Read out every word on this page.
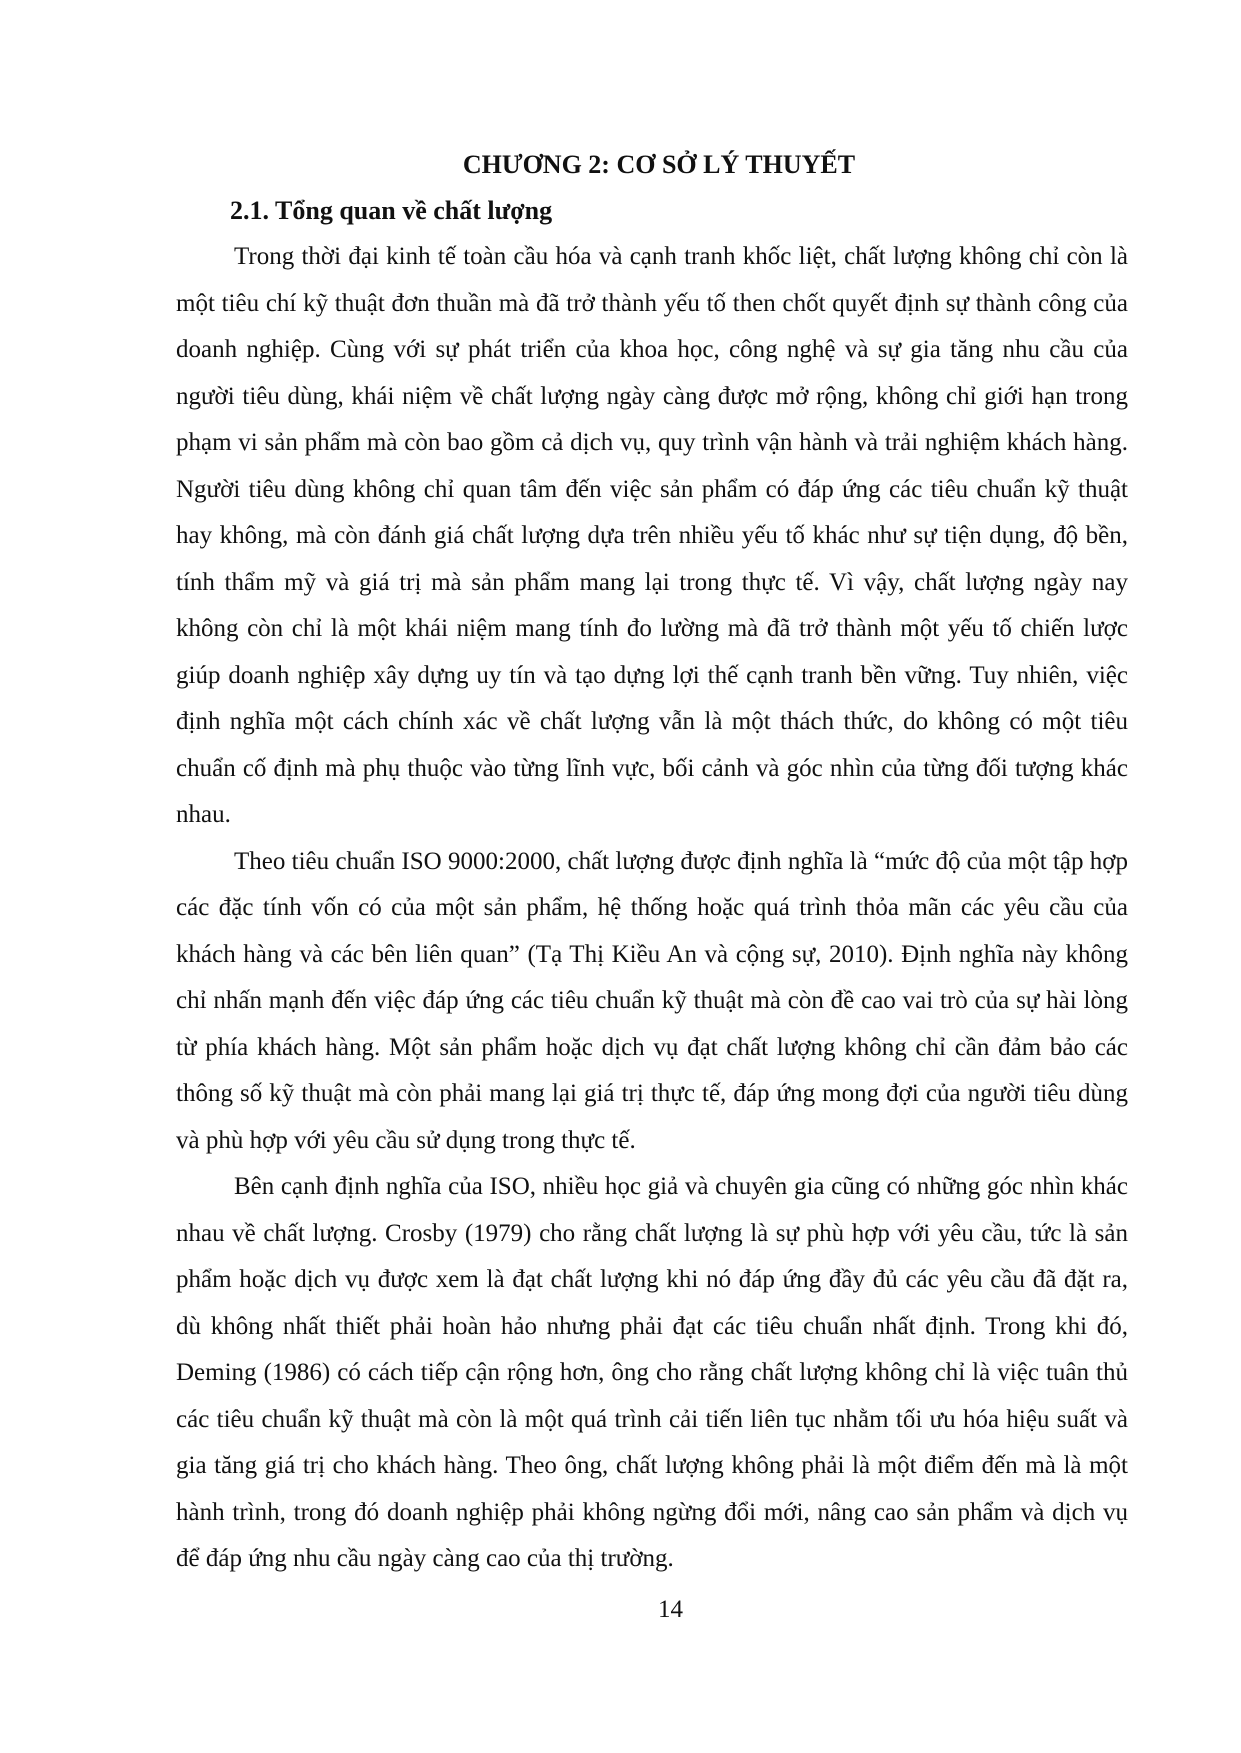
CHƯƠNG 2: CƠ SỞ LÝ THUYẾT
2.1. Tổng quan về chất lượng

Trong thời đại kinh tế toàn cầu hóa và cạnh tranh khốc liệt, chất lượng không chỉ còn là một tiêu chí kỹ thuật đơn thuần mà đã trở thành yếu tố then chốt quyết định sự thành công của doanh nghiệp. Cùng với sự phát triển của khoa học, công nghệ và sự gia tăng nhu cầu của người tiêu dùng, khái niệm về chất lượng ngày càng được mở rộng, không chỉ giới hạn trong phạm vi sản phẩm mà còn bao gồm cả dịch vụ, quy trình vận hành và trải nghiệm khách hàng. Người tiêu dùng không chỉ quan tâm đến việc sản phẩm có đáp ứng các tiêu chuẩn kỹ thuật hay không, mà còn đánh giá chất lượng dựa trên nhiều yếu tố khác như sự tiện dụng, độ bền, tính thẩm mỹ và giá trị mà sản phẩm mang lại trong thực tế. Vì vậy, chất lượng ngày nay không còn chỉ là một khái niệm mang tính đo lường mà đã trở thành một yếu tố chiến lược giúp doanh nghiệp xây dựng uy tín và tạo dựng lợi thế cạnh tranh bền vững. Tuy nhiên, việc định nghĩa một cách chính xác về chất lượng vẫn là một thách thức, do không có một tiêu chuẩn cố định mà phụ thuộc vào từng lĩnh vực, bối cảnh và góc nhìn của từng đối tượng khác nhau.

Theo tiêu chuẩn ISO 9000:2000, chất lượng được định nghĩa là “mức độ của một tập hợp các đặc tính vốn có của một sản phẩm, hệ thống hoặc quá trình thỏa mãn các yêu cầu của khách hàng và các bên liên quan” (Tạ Thị Kiều An và cộng sự, 2010). Định nghĩa này không chỉ nhấn mạnh đến việc đáp ứng các tiêu chuẩn kỹ thuật mà còn đề cao vai trò của sự hài lòng từ phía khách hàng. Một sản phẩm hoặc dịch vụ đạt chất lượng không chỉ cần đảm bảo các thông số kỹ thuật mà còn phải mang lại giá trị thực tế, đáp ứng mong đợi của người tiêu dùng và phù hợp với yêu cầu sử dụng trong thực tế.

Bên cạnh định nghĩa của ISO, nhiều học giả và chuyên gia cũng có những góc nhìn khác nhau về chất lượng. Crosby (1979) cho rằng chất lượng là sự phù hợp với yêu cầu, tức là sản phẩm hoặc dịch vụ được xem là đạt chất lượng khi nó đáp ứng đầy đủ các yêu cầu đã đặt ra, dù không nhất thiết phải hoàn hảo nhưng phải đạt các tiêu chuẩn nhất định. Trong khi đó, Deming (1986) có cách tiếp cận rộng hơn, ông cho rằng chất lượng không chỉ là việc tuân thủ các tiêu chuẩn kỹ thuật mà còn là một quá trình cải tiến liên tục nhằm tối ưu hóa hiệu suất và gia tăng giá trị cho khách hàng. Theo ông, chất lượng không phải là một điểm đến mà là một hành trình, trong đó doanh nghiệp phải không ngừng đổi mới, nâng cao sản phẩm và dịch vụ để đáp ứng nhu cầu ngày càng cao của thị trường.

14
